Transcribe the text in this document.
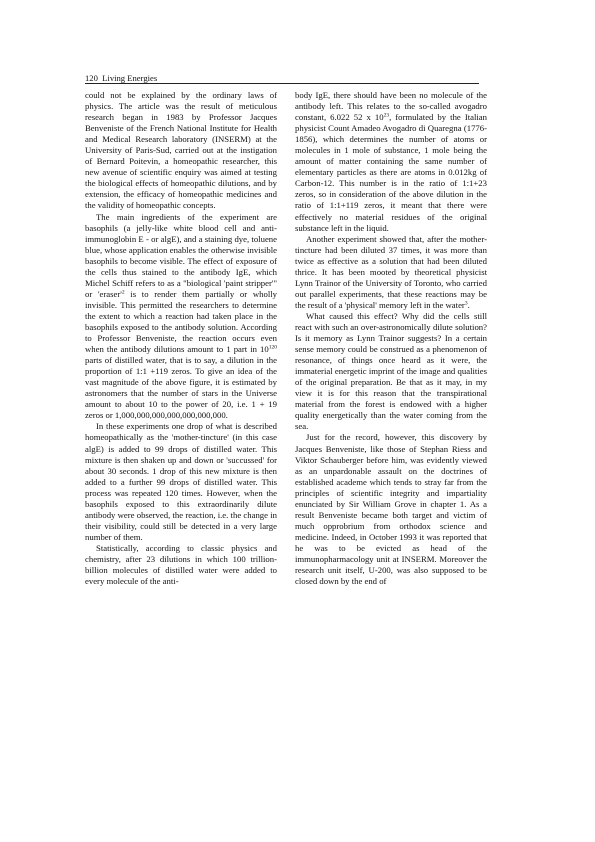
120 Living Energies

could not be explained by the ordinary laws of physics. The article was the result of meticulous research began in 1983 by Professor Jacques Benveniste of the French National Institute for Health and Medical Research laboratory (INSERM) at the University of Paris-Sud, carried out at the instigation of Bernard Poitevin, a homeopathic researcher, this new avenue of scientific enquiry was aimed at testing the biological effects of homeopathic dilutions, and by extension, the efficacy of homeopathic medicines and the validity of homeopathic concepts.

The main ingredients of the experiment are basophils (a jelly-like white blood cell and anti-immunoglobin E - or algE), and a staining dye, toluene blue, whose application enables the otherwise invisible basophils to become visible. The effect of exposure of the cells thus stained to the antibody IgE, which Michel Schiff refers to as a "biological 'paint stripper'" or '$eraser'^2$ is to render them partially or wholly invisible. This permitted the researchers to determine the extent to which a reaction had taken place in the basophils exposed to the antibody solution. According to Professor Benveniste, the reaction occurs even when the antibody dilutions amount to 1 part in $10^{120}$ parts of distilled water, that is to say, a dilution in the proportion of 1:1 +119 zeros. To give an idea of the vast magnitude of the above figure, it is estimated by astronomers that the number of stars in the Universe amount to about 10 to the power of 20, i.e. 1 + 19 zeros or 1,000,000,000,000,000,000,000.

In these experiments one drop of what is described homeopathically as the 'mother-tincture' (in this case algE) is added to 99 drops of distilled water. This mixture is then shaken up and down or 'succussed' for about 30 seconds. 1 drop of this new mixture is then added to a further 99 drops of distilled water. This process was repeated 120 times. However, when the basophils exposed to this extraordinarily dilute antibody were observed, the reaction, i.e. the change in their visibility, could still be detected in a very large number of them.

Statistically, according to classic physics and chemistry, after 23 dilutions in which 100 trillion-billion molecules of distilled water were added to every molecule of the anti-

body IgE, there should have been no molecule of the antibody left. This relates to the so-called avogadro constant, 6.022 52 x $10^{23}$, formulated by the Italian physicist Count Amadeo Avogadro di Quaregna (1776-1856), which determines the number of atoms or molecules in 1 mole of substance, 1 mole being the amount of matter containing the same number of elementary particles as there are atoms in 0.012kg of Carbon-12. This number is in the ratio of 1:1+23 zeros, so in consideration of the above dilution in the ratio of 1:1+119 zeros, it meant that there were effectively no material residues of the original substance left in the liquid.

Another experiment showed that, after the mother-tincture had been diluted 37 times, it was more than twice as effective as a solution that had been diluted thrice. It has been mooted by theoretical physicist Lynn Trainor of the University of Toronto, who carried out parallel experiments, that these reactions may be the result of a 'physical' memory left in the water$^3$.

What caused this effect? Why did the cells still react with such an over-astronomically dilute solution? Is it memory as Lynn Trainor suggests? In a certain sense memory could be construed as a phenomenon of resonance, of things once heard as it were, the immaterial energetic imprint of the image and qualities of the original preparation. Be that as it may, in my view it is for this reason that the transpirational material from the forest is endowed with a higher quality energetically than the water coming from the sea.

Just for the record, however, this discovery by Jacques Benveniste, like those of Stephan Riess and Viktor Schauberger before him, was evidently viewed as an unpardonable assault on the doctrines of established academe which tends to stray far from the principles of scientific integrity and impartiality enunciated by Sir William Grove in chapter 1. As a result Benveniste became both target and victim of much opprobrium from orthodox science and medicine. Indeed, in October 1993 it was reported that he was to be evicted as head of the immunopharmacology unit at INSERM. Moreover the research unit itself, U-200, was also supposed to be closed down by the end of
